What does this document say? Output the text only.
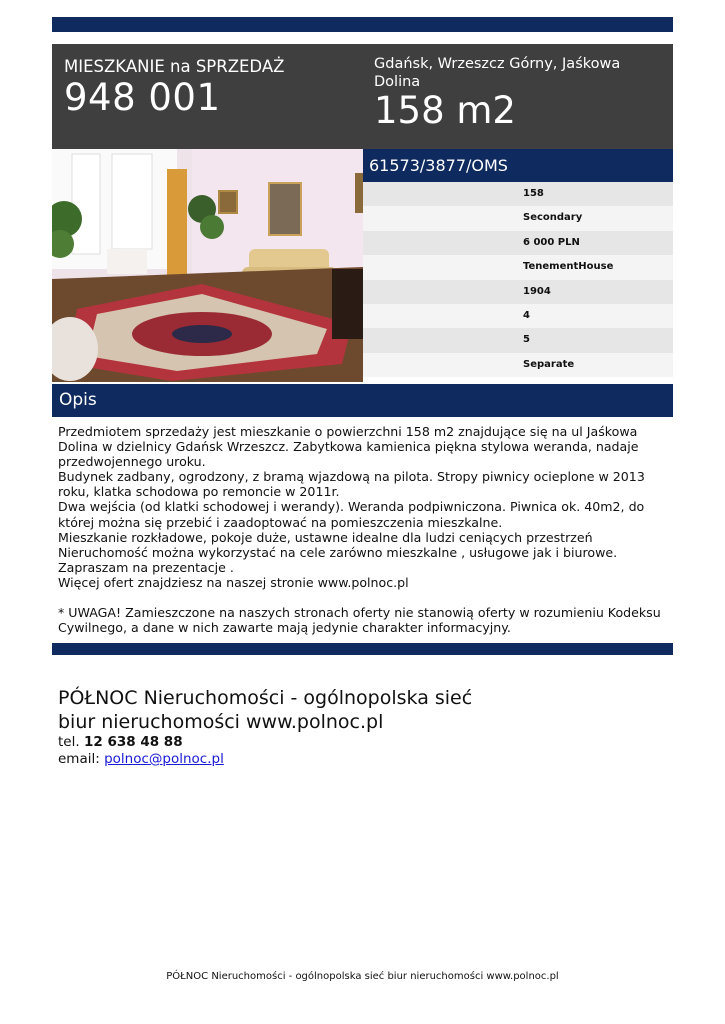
MIESZKANIE na SPRZEDAŻ
948 001
Gdańsk, Wrzeszcz Górny, Jaśkowa Dolina
158 m2
61573/3877/OMS
158
Secondary
6 000 PLN
TenementHouse
1904
4
5
Separate
Opis

Przedmiotem sprzedaży jest mieszkanie o powierzchni 158 m2 znajdujące się na ul Jaśkowa Dolina w dzielnicy Gdańsk Wrzeszcz. Zabytkowa kamienica piękna stylowa weranda, nadaje przedwojennego uroku.

Budynek zadbany, ogrodzony, z bramą wjazdową na pilota. Stropy piwnicy ocieplone w 2013 roku, klatka schodowa po remoncie w 2011r.

Dwa wejścia (od klatki schodowej i werandy). Weranda podpiwniczona. Piwnica ok. 40m2, do której można się przebić i zaadoptować na pomieszczenia mieszkalne.

Mieszkanie rozkładowe, pokoje duże, ustawne idealne dla ludzi ceniących przestrzeń

Nieruchomość można wykorzystać na cele zarówno mieszkalne , usługowe jak i biurowe.

Zapraszam na prezentacje .

Więcej ofert znajdziesz na naszej stronie www.polnoc.pl

* UWAGA! Zamieszczone na naszych stronach oferty nie stanowią oferty w rozumieniu Kodeksu Cywilnego, a dane w nich zawarte mają jedynie charakter informacyjny.

PÓŁNOC Nieruchomości - ogólnopolska sieć
biur nieruchomości www.polnoc.pl
tel. 12 638 48 88
email: polnoc@polnoc.pl
PÓŁNOC Nieruchomości - ogólnopolska sieć biur nieruchomości www.polnoc.pl
